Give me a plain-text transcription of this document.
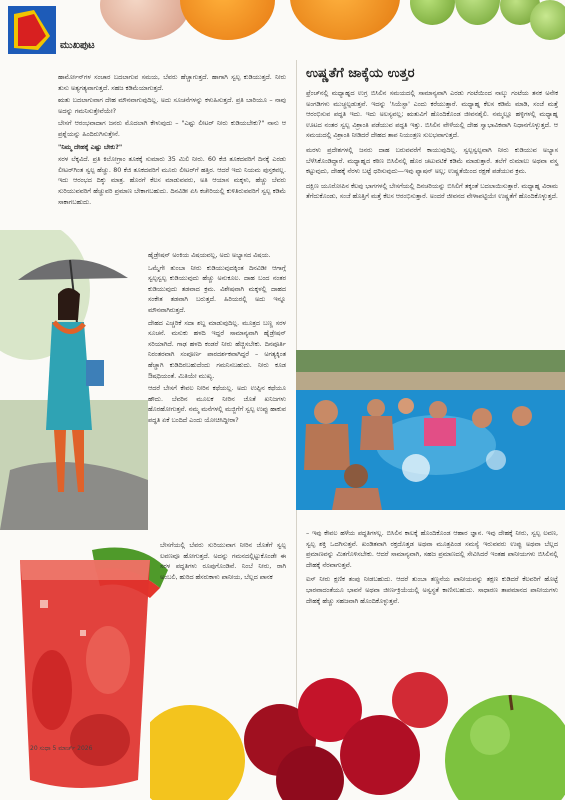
ಮುಖಪುಟ

ಹಾರ್ಮೋನ್‌ಗಳ ಸಂಚಾರ ಬದಲಾಗುವ ಸಮಯ, ಬೆವರು ಹೆಚ್ಚಾಗುತ್ತದೆ. ಹಾಗಾಗಿ ಸ್ವಲ್ಪ ಕುಡಿಯುತ್ತದೆ. ನೀರು ತುಸು ಅತ್ಯಗತ್ಯವಾಗುತ್ತದೆ. ಸಹಜ ಕಡಿಮೆಯಾಗುತ್ತದೆ.

ಋತು ಬದಲಾಗುವಾಗ ದೇಹ ಮೌನವಾಗುವುದಿಲ್ಲ. ಅದು ಸೂಚನೆಗಳನ್ನು ಕಳುಹಿಸುತ್ತದೆ. ಪ್ರತಿ ಬಾರಿಯೂ – ನಾವು ಅದನ್ನು ಗಮನಿಸುತ್ತೇವೆಯೇ?

ಬೇಸಗೆ ಆರಂಭವಾದಾಗ ಜನರು ಮೊದಲಾಗಿ ಕೇಳುವುದು – "ಎಷ್ಟು ಲೀಟರ್ ನೀರು ಕುಡಿಯಬೇಕು?" ನಾನು ಆ ಪ್ರಶ್ನೆಯನ್ನು ಹಿಂದಿರುಗಿಸುತ್ತೇನೆ.

"ನಿಮ್ಮ ದೇಹಕ್ಕೆ ಎಷ್ಟು ಬೇಕು?"

ಸರಳ ಲೆಕ್ಕವಿದೆ. ಪ್ರತಿ ಕಿಲೋಗ್ರಾಂ ತೂಕಕ್ಕೆ ಸುಮಾರು 35 ಮಿಲಿ ನೀರು. 60 ಕೆಜಿ ತೂಕದವರಿಗೆ ದಿನಕ್ಕೆ ಎರಡು ಲೀಟರ್‌ಗಿಂತ ಸ್ವಲ್ಪ ಹೆಚ್ಚು. 80 ಕೆಜಿ ತೂಕದವರಿಗೆ ಮೂರು ಲೀಟರ್‌ಗೆ ಹತ್ತಿರ. ಆದರೆ ಇದು ನಿಯಮ ಪುಸ್ತಕವಲ್ಲ. ಇದು ಆರಂಭದ ದಿಕ್ಕು ಮಾತ್ರ. ಹೊರಗೆ ಕೆಲಸ ಮಾಡುವವರು, ಅತಿ ಆಯಾಸ ಮಕ್ಕಳು, ಹೆಚ್ಚು ಬೆವರು ಸುರಿಯುವವರಿಗೆ ಹೆಚ್ಚುವರಿ ಪ್ರಮಾಣ ಬೇಕಾಗಬಹುದು. ದಿನವಿಡೀ ಏಸಿ ಕಚೇರಿಯಲ್ಲಿ ಕುಳಿತಿರುವವರಿಗೆ ಸ್ವಲ್ಪ ಕಡಿಮೆ ಸಾಕಾಗಬಹುದು.

ಹೈಡ್ರೇಷನ್ ಅಂಕಿಯ ವಿಷಯವಲ್ಲ, ಅದು ಅಭ್ಯಾಸದ ವಿಷಯ.

ಒಮ್ಮೆಗೇ ತುಂಬಾ ನೀರು ಕುಡಿಯುವುದಕ್ಕಿಂತ ದಿನವಿಡೀ ಆಗಾಗ್ಗೆ ಸ್ವಲ್ಪಸ್ವಲ್ಪ ಕುಡಿಯುವುದು ಹೆಚ್ಚು ಅನುಕೂಲ. ದಾಹ ಬಂದ ನಂತರ ಕುಡಿಯುವುದು ತಡವಾದ ಕ್ರಮ. ವಿಶೇಷವಾಗಿ ಮಕ್ಕಳಲ್ಲಿ ದಾಹದ ಸಂಕೇತ ತಡವಾಗಿ ಬರುತ್ತದೆ. ಹಿರಿಯರಲ್ಲಿ ಅದು ಇನ್ನೂ ಮೌನವಾಗಿರುತ್ತದೆ.

ದೇಹದ ಎಚ್ಚರಿಕೆ ಸದಾ ಶಬ್ದ ಮಾಡುವುದಿಲ್ಲ. ಮೂತ್ರದ ಬಣ್ಣ ಸರಳ ಸೂಚನೆ. ಮಸುಕು ಹಳದಿ ಇದ್ದರೆ ಸಾಮಾನ್ಯವಾಗಿ ಹೈಡ್ರೇಷನ್ ಸರಿಯಾಗಿದೆ. ಗಾಢ ಹಳದಿ ಕಂಡರೆ ನೀರು ಹೆಚ್ಚಿಸಬೇಕು. ದಿನಪೂರ್ತಿ ನಿರಂತರವಾಗಿ ಸಂಪೂರ್ಣ ಪಾರದರ್ಶಕವಾಗಿದ್ದರೆ – ಅಗತ್ಯಕ್ಕಿಂತ ಹೆಚ್ಚಾಗಿ ಕುಡಿದಿರಬಹುದೆಂದು ಗಮನಿಸಬಹುದು. ನೀರು ಕೂಡ ಔಷಧಿಯಂತೆ. ಮಿತಿಯೇ ಮುಖ್ಯ.

ಆದರೆ ಬೇಸಗೆ ಕೇವಲ ನೀರಿನ ಕಥೆಯಲ್ಲ. ಅದು ಉಪ್ಪಿನ ಕಥೆಯೂ ಹೌದು. ಬೆವರಿನ ಮೂಲಕ ನೀರಿನ ಜೊತೆ ಖನಿಜಗಳು ಹೊರಹೋಗುತ್ತವೆ. ನಮ್ಮ ಮನೆಗಳಲ್ಲಿ ಮಜ್ಜಿಗೆಗೆ ಸ್ವಲ್ಪ ಉಪ್ಪು ಹಾಕುವ ಪದ್ಧತಿ ಏಕೆ ಬಂದಿದೆ ಎಂದು ಯೋಚಿಸಿದ್ದೀರಾ?

ಬೇಸಗೆಯಲ್ಲಿ ಬೆವರು ಸುರಿಯುವಾಗ ನೀರಿನ ಜೊತೆಗೆ ಸ್ವಲ್ಪ ಲವಣವೂ ಹೋಗುತ್ತದೆ. ಅದನ್ನು ಗಮನದಲ್ಲಿಟ್ಟುಕೊಂಡೇ ಈ ಸರಳ ಪದ್ಧತಿಗಳು ರೂಪುಗೊಂಡಿವೆ. ನಿಂಬೆ ನೀರು, ರಾಗಿ ಅಂಬಲಿ, ಹುರಿದ ಹೆಸರುಕಾಳು ಪಾನೀಯ, ಬೆಲ್ಲದ ಪಾನಕ

ಉಷ್ಣತೆಗೆ ಜಾಕ್ಕೆಯ ಉತ್ತರ

ಫ್ರೆಂಚ್‌ನಲ್ಲಿ ಮಧ್ಯಾಹ್ನದ ಉಗ್ರ ಬಿಸಿಲಿನ ಸಮಯದಲ್ಲಿ ಸಾಮಾನ್ಯವಾಗಿ ಎರಡು ಗಂಟೆಯಿಂದ ನಾಲ್ಕು ಗಂಟೆಯ ತನಕ ಅನೇಕ ಅಂಗಡಿಗಳು ಮುಚ್ಚಲ್ಪಡುತ್ತವೆ. ಇದನ್ನು 'ಸಿಯೆಸ್ಟಾ' ಎಂದು ಕರೆಯುತ್ತಾರೆ. ಮಧ್ಯಾಹ್ನ ಕೆಲಸ ಕಡಿಮೆ ಮಾಡಿ, ಸಂಜೆ ಮತ್ತೆ ಆರಂಭಿಸುವ ಪದ್ಧತಿ ಇದು. ಇದು ಅಲಸ್ಯವಲ್ಲ; ಋತುವಿಗೆ ಹೊಂದಿಕೊಂಡ ಜೀವನಶೈಲಿ. ನಮ್ಮಲ್ಲೂ ಹಳ್ಳಿಗಳಲ್ಲಿ ಮಧ್ಯಾಹ್ನ ಊಟದ ನಂತರ ಸ್ವಲ್ಪ ವಿಶ್ರಾಂತಿ ಪಡೆಯುವ ಪದ್ಧತಿ ಇತ್ತು. ಬಿಸಿಲಿನ ವೇಳೆಯಲ್ಲಿ ದೇಹ ಸ್ವಾಭಾವಿಕವಾಗಿ ನಿಧಾನಗೊಳ್ಳುತ್ತದೆ. ಆ ಸಮಯದಲ್ಲಿ ವಿಶ್ರಾಂತಿ ನೀಡಿದರೆ ದೇಹದ ತಾಪ ನಿಯಂತ್ರಣ ಸುಲಭವಾಗುತ್ತದೆ.

ಮರಳು ಪ್ರದೇಶಗಳಲ್ಲಿ ಜನರು ದಾಹ ಬರುವವರೆಗೆ ಕಾಯುವುದಿಲ್ಲ. ಸ್ವಲ್ಪಸ್ವಲ್ಪವಾಗಿ ನೀರು ಕುಡಿಯುವ ಅಭ್ಯಾಸ ಬೆಳೆಸಿಕೊಂಡಿದ್ದಾರೆ. ಮಧ್ಯಾಹ್ನದ ಕಠಿಣ ಬಿಸಿಲಿನಲ್ಲಿ ಹೊರ ಚಟುವಟಿಕೆ ಕಡಿಮೆ ಮಾಡುತ್ತಾರೆ. ತಲೆಗೆ ರುಮಾಲು ಅಥವಾ ವಸ್ತ್ರ ಕಟ್ಟುವುದು, ದೇಹಕ್ಕೆ ನೆರಳು ಬಟ್ಟೆ ಧರಿಸುವುದು—ಇವು ಫ್ಯಾಷನ್ ಅಲ್ಲ; ಉಷ್ಣತೆಯಿಂದ ರಕ್ಷಣೆ ಪಡೆಯುವ ಕ್ರಮ.

ದಕ್ಷಿಣ ಯೂರೋಪಿನ ಕೆಲವು ಭಾಗಗಳಲ್ಲಿ ಬೇಸಗೆಯಲ್ಲಿ ದಿನಚರಿಯನ್ನು ಬಿಸಿಲಿಗೆ ತಕ್ಕಂತೆ ಬದಲಾಯಿಸುತ್ತಾರೆ. ಮಧ್ಯಾಹ್ನ ವಿರಾಮ ತೆಗೆದುಕೊಂಡು, ಸಂಜೆ ಹೊತ್ತಿಗೆ ಮತ್ತೆ ಕೆಲಸ ಆರಂಭಿಸುತ್ತಾರೆ. ಅಂದರೆ ಜೀವನದ ವೇಳಾಪಟ್ಟಿಯೇ ಉಷ್ಣತೆಗೆ ಹೊಂದಿಕೊಳ್ಳುತ್ತದೆ.

– ಇವು ಕೇವಲ ಹಳೆಯ ಪದ್ಧತಿಗಳಲ್ಲ. ಬಿಸಿಲಿನ ಕಾಲಕ್ಕೆ ಹೊಂದಿಕೊಂಡ ಆಹಾರ ಜ್ಞಾನ. ಇವು ದೇಹಕ್ಕೆ ನೀರು, ಸ್ವಲ್ಪ ಲವಣ, ಸ್ವಲ್ಪ ಶಕ್ತಿ ಒದಗಿಸುತ್ತವೆ. ಖಂಡಿತವಾಗಿ ರಕ್ತದೊತ್ತಡ ಅಥವಾ ಮೂತ್ರಪಿಂಡ ಸಮಸ್ಯೆ ಇರುವವರು ಉಪ್ಪು ಅಥವಾ ಬೆಲ್ಲದ ಪ್ರಮಾಣವನ್ನು ಮಿತಗೊಳಿಸಬೇಕು. ಆದರೆ ಸಾಮಾನ್ಯವಾಗಿ, ಸಹಜ ಪ್ರಮಾಣದಲ್ಲಿ ಸೇವಿಸಿದರೆ ಇಂತಹ ಪಾನೀಯಗಳು ಬಿಸಿಲಿನಲ್ಲಿ ದೇಹಕ್ಕೆ ನೆರವಾಗುತ್ತವೆ.

ಐಸ್ ನೀರು ಕ್ಷಣಿಕ ತಂಪು ನೀಡಬಹುದು. ಆದರೆ ತುಂಬಾ ತಣ್ಣನೆಯ ಪಾನೀಯವನ್ನು ತಕ್ಷಣ ಕುಡಿದರೆ ಕೆಲವರಿಗೆ ಹೊಟ್ಟೆ ಭಾರವಾದಂತೆಯೂ ಭಾವನೆ ಅಥವಾ ಜೀರ್ಣಕ್ರಿಯೆಯಲ್ಲಿ ಅಸ್ವಸ್ಥತೆ ಕಾಣಿಸಬಹುದು. ಸಾಧಾರಣ ತಾಪಮಾನದ ಪಾನೀಯಗಳು ದೇಹಕ್ಕೆ ಹೆಚ್ಚು ಸಹಜವಾಗಿ ಹೊಂದಿಕೊಳ್ಳುತ್ತವೆ.

20 ಸುಧಾ 5 ಮಾರ್ಚ್ 2026
